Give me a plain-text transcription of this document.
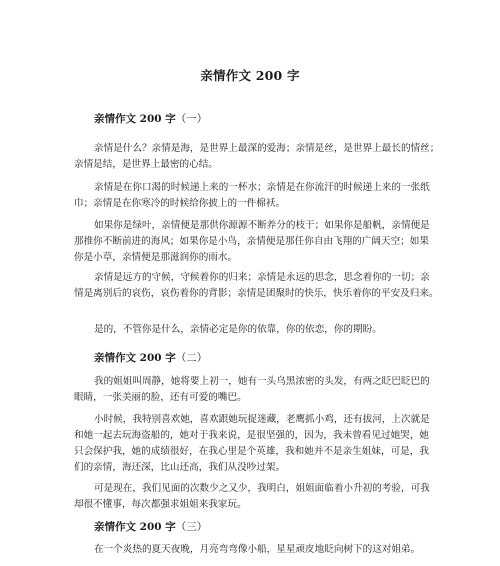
亲情作文 200 字
亲情作文 200 字（一）
亲情是什么？亲情是海，是世界上最深的爱海；亲情是丝，是世界上最长的情丝；
亲情是结，是世界上最密的心结。
亲情是在你口渴的时候递上来的一杯水；亲情是在你流汗的时候递上来的一张纸
巾；亲情是在你寒冷的时候给你披上的一件棉袄。
如果你是绿叶，亲情便是那供你源源不断养分的枝干；如果你是船帆，亲情便是
那推你不断前进的海风；如果你是小鸟，亲情便是那任你自由飞翔的广阔天空；如果
你是小草，亲情便是那滋润你的雨水。
亲情是远方的守候，守候着你的归来；亲情是永远的思念，思念着你的一切；亲
情是离别后的哀伤，哀伤着你的背影；亲情是团聚时的快乐，快乐着你的平安及归来。
是的，不管你是什么，亲情必定是你的依靠，你的依恋，你的期盼。
亲情作文 200 字（二）
我的姐姐叫周静，她将要上初一，她有一头乌黑浓密的头发，有两之眨巴眨巴的
眼睛，一张美丽的脸，还有可爱的嘴巴。
小时候，我特别喜欢她，喜欢跟她玩捉迷藏，老鹰抓小鸡，还有拔河，上次就是
和她一起去玩海盗船的，她对于我来说，是很坚强的，因为，我未曾看见过她哭，她
只会保护我，她的成绩很好，在我心里是个英雄，我和她并不是亲生姐妹，可是，我
们的亲情，海还深，比山还高，我们从没吵过架。
可是现在，我们见面的次数少之又少，我明白，姐姐面临着小升初的考验，可我
却很不懂事，每次都强求姐姐来我家玩。
亲情作文 200 字（三）
在一个炎热的夏天夜晚，月亮弯弯像小船，星星顽皮地眨向树下的这对姐弟。
